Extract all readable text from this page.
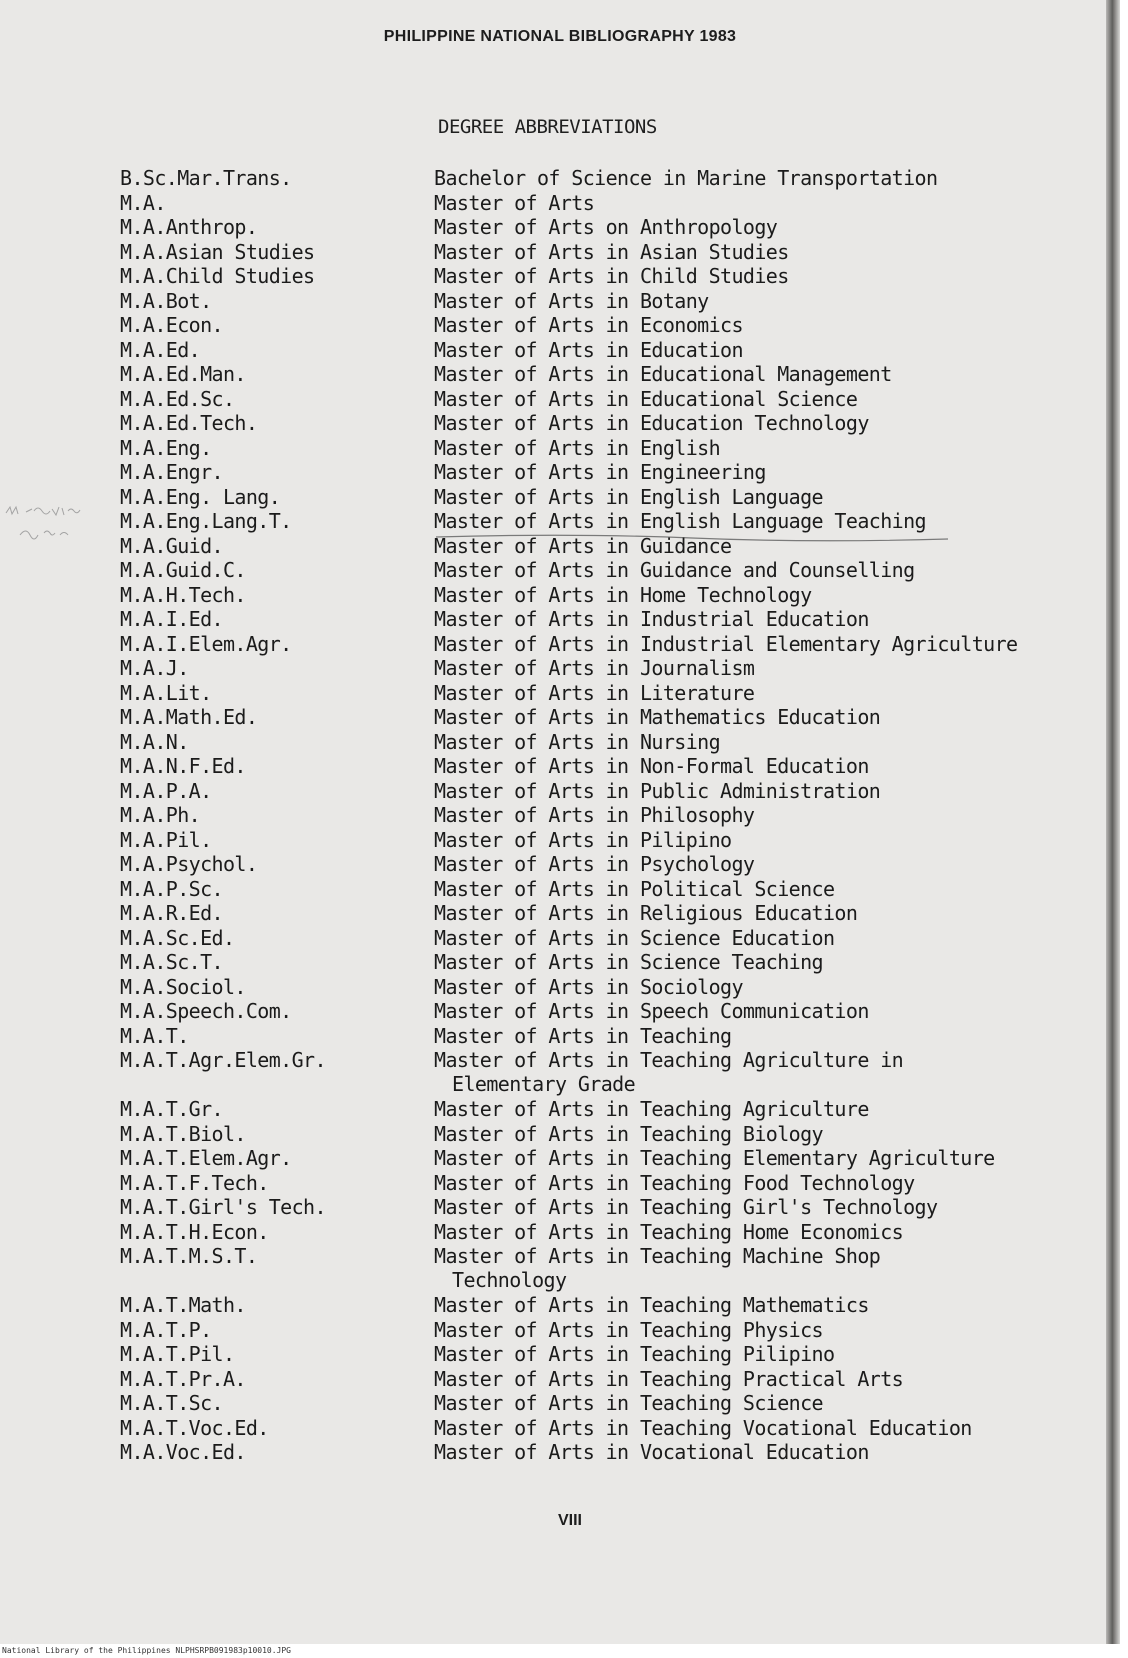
PHILIPPINE NATIONAL BIBLIOGRAPHY 1983
DEGREE ABBREVIATIONS
B.Sc.Mar.Trans.	Bachelor of Science in Marine Transportation
M.A.	Master of Arts
M.A.Anthrop.	Master of Arts on Anthropology
M.A.Asian Studies	Master of Arts in Asian Studies
M.A.Child Studies	Master of Arts in Child Studies
M.A.Bot.	Master of Arts in Botany
M.A.Econ.	Master of Arts in Economics
M.A.Ed.	Master of Arts in Education
M.A.Ed.Man.	Master of Arts in Educational Management
M.A.Ed.Sc.	Master of Arts in Educational Science
M.A.Ed.Tech.	Master of Arts in Education Technology
M.A.Eng.	Master of Arts in English
M.A.Engr.	Master of Arts in Engineering
M.A.Eng. Lang.	Master of Arts in English Language
M.A.Eng.Lang.T.	Master of Arts in English Language Teaching
M.A.Guid.	Master of Arts in Guidance
M.A.Guid.C.	Master of Arts in Guidance and Counselling
M.A.H.Tech.	Master of Arts in Home Technology
M.A.I.Ed.	Master of Arts in Industrial Education
M.A.I.Elem.Agr.	Master of Arts in Industrial Elementary Agriculture
M.A.J.	Master of Arts in Journalism
M.A.Lit.	Master of Arts in Literature
M.A.Math.Ed.	Master of Arts in Mathematics Education
M.A.N.	Master of Arts in Nursing
M.A.N.F.Ed.	Master of Arts in Non-Formal Education
M.A.P.A.	Master of Arts in Public Administration
M.A.Ph.	Master of Arts in Philosophy
M.A.Pil.	Master of Arts in Pilipino
M.A.Psychol.	Master of Arts in Psychology
M.A.P.Sc.	Master of Arts in Political Science
M.A.R.Ed.	Master of Arts in Religious Education
M.A.Sc.Ed.	Master of Arts in Science Education
M.A.Sc.T.	Master of Arts in Science Teaching
M.A.Sociol.	Master of Arts in Sociology
M.A.Speech.Com.	Master of Arts in Speech Communication
M.A.T.	Master of Arts in Teaching
M.A.T.Agr.Elem.Gr.	Master of Arts in Teaching Agriculture in
Elementary Grade
M.A.T.Gr.	Master of Arts in Teaching Agriculture
M.A.T.Biol.	Master of Arts in Teaching Biology
M.A.T.Elem.Agr.	Master of Arts in Teaching Elementary Agriculture
M.A.T.F.Tech.	Master of Arts in Teaching Food Technology
M.A.T.Girl's Tech.	Master of Arts in Teaching Girl's Technology
M.A.T.H.Econ.	Master of Arts in Teaching Home Economics
M.A.T.M.S.T.	Master of Arts in Teaching Machine Shop
Technology
M.A.T.Math.	Master of Arts in Teaching Mathematics
M.A.T.P.	Master of Arts in Teaching Physics
M.A.T.Pil.	Master of Arts in Teaching Pilipino
M.A.T.Pr.A.	Master of Arts in Teaching Practical Arts
M.A.T.Sc.	Master of Arts in Teaching Science
M.A.T.Voc.Ed.	Master of Arts in Teaching Vocational Education
M.A.Voc.Ed.	Master of Arts in Vocational Education
VIII
National Library of the Philippines NLPHSRPB091983p10010.JPG
